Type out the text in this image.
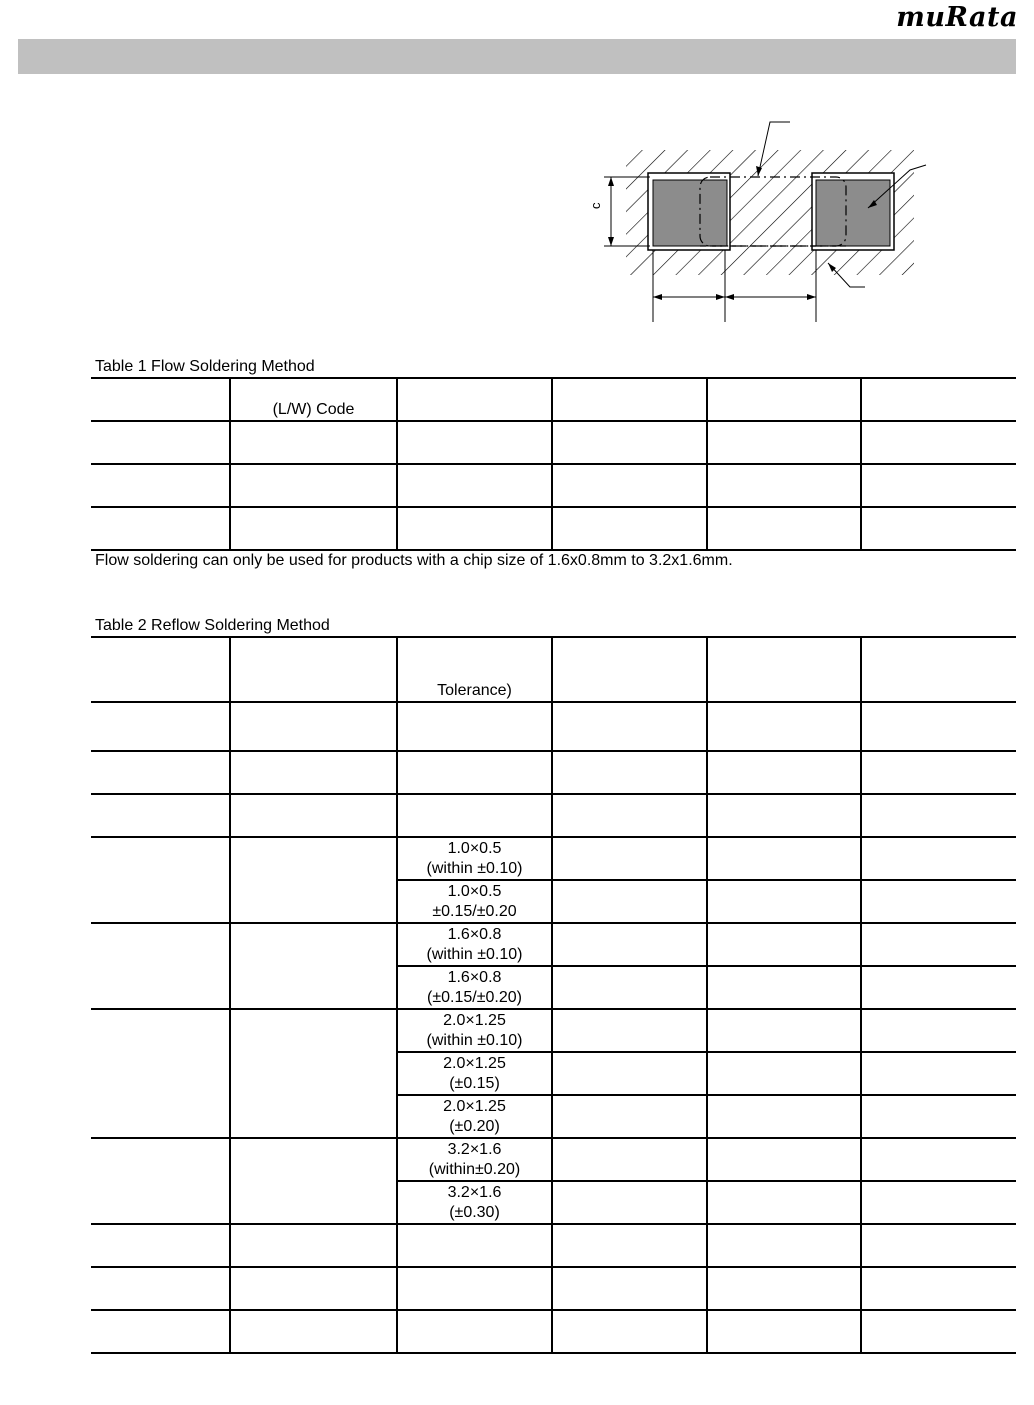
muRata
c
Table 1 Flow Soldering Method
	(L/W) Code				

Flow soldering can only be used for products with a chip size of 1.6x0.8mm to 3.2x1.6mm.
Table 2 Reflow Soldering Method
		Tolerance)			

		1.0×0.5
(within ±0.10)			

		1.0×0.5
±0.15/±0.20			

		1.6×0.8
(within ±0.10)			

		1.6×0.8
(±0.15/±0.20)			

		2.0×1.25
(within ±0.10)			

		2.0×1.25
(±0.15)			

		2.0×1.25
(±0.20)			

		3.2×1.6
(within±0.20)			

		3.2×1.6
(±0.30)			
